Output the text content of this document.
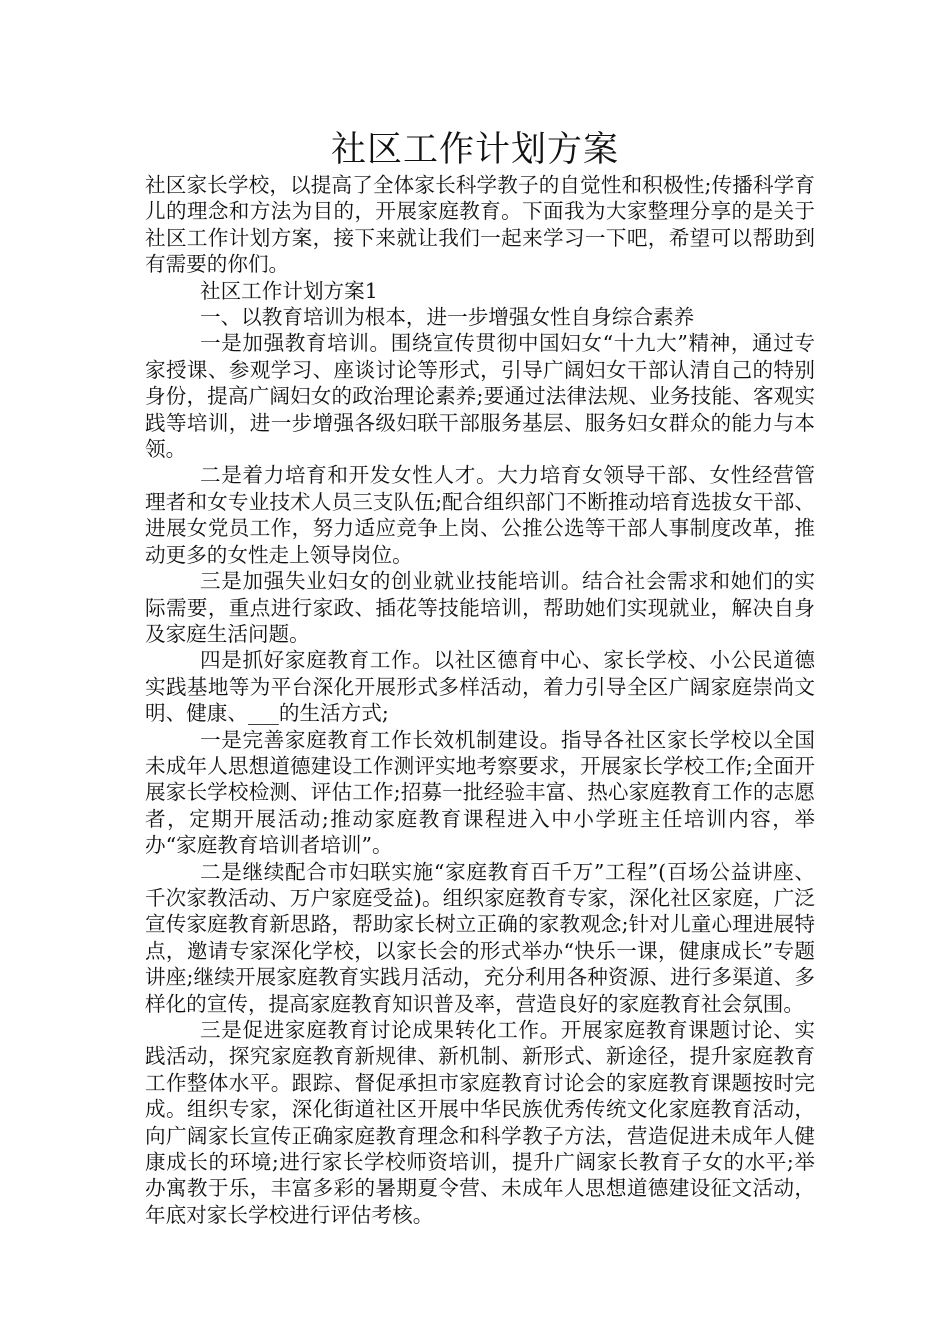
社区工作计划方案

社区家长学校，以提高了全体家长科学教子的自觉性和积极性;传播科学育儿的理念和方法为目的，开展家庭教育。下面我为大家整理分享的是关于社区工作计划方案，接下来就让我们一起来学习一下吧，希望可以帮助到有需要的你们。

社区工作计划方案1

一、以教育培训为根本，进一步增强女性自身综合素养

一是加强教育培训。围绕宣传贯彻中国妇女“十九大”精神，通过专家授课、参观学习、座谈讨论等形式，引导广阔妇女干部认清自己的特别身份，提高广阔妇女的政治理论素养;要通过法律法规、业务技能、客观实践等培训，进一步增强各级妇联干部服务基层、服务妇女群众的能力与本领。

二是着力培育和开发女性人才。大力培育女领导干部、女性经营管理者和女专业技术人员三支队伍;配合组织部门不断推动培育选拔女干部、进展女党员工作，努力适应竞争上岗、公推公选等干部人事制度改革，推动更多的女性走上领导岗位。

三是加强失业妇女的创业就业技能培训。结合社会需求和她们的实际需要，重点进行家政、插花等技能培训，帮助她们实现就业，解决自身及家庭生活问题。

四是抓好家庭教育工作。以社区德育中心、家长学校、小公民道德实践基地等为平台深化开展形式多样活动，着力引导全区广阔家庭崇尚文明、健康、___的生活方式;

一是完善家庭教育工作长效机制建设。指导各社区家长学校以全国未成年人思想道德建设工作测评实地考察要求，开展家长学校工作;全面开展家长学校检测、评估工作;招募一批经验丰富、热心家庭教育工作的志愿者，定期开展活动;推动家庭教育课程进入中小学班主任培训内容，举办“家庭教育培训者培训”。

二是继续配合市妇联实施“家庭教育百千万”工程”(百场公益讲座、千次家教活动、万户家庭受益)。组织家庭教育专家，深化社区家庭，广泛宣传家庭教育新思路，帮助家长树立正确的家教观念;针对儿童心理进展特点，邀请专家深化学校，以家长会的形式举办“快乐一课，健康成长”专题讲座;继续开展家庭教育实践月活动，充分利用各种资源、进行多渠道、多样化的宣传，提高家庭教育知识普及率，营造良好的家庭教育社会氛围。

三是促进家庭教育讨论成果转化工作。开展家庭教育课题讨论、实践活动，探究家庭教育新规律、新机制、新形式、新途径，提升家庭教育工作整体水平。跟踪、督促承担市家庭教育讨论会的家庭教育课题按时完成。组织专家，深化街道社区开展中华民族优秀传统文化家庭教育活动，向广阔家长宣传正确家庭教育理念和科学教子方法，营造促进未成年人健康成长的环境;进行家长学校师资培训，提升广阔家长教育子女的水平;举办寓教于乐，丰富多彩的暑期夏令营、未成年人思想道德建设征文活动，年底对家长学校进行评估考核。
